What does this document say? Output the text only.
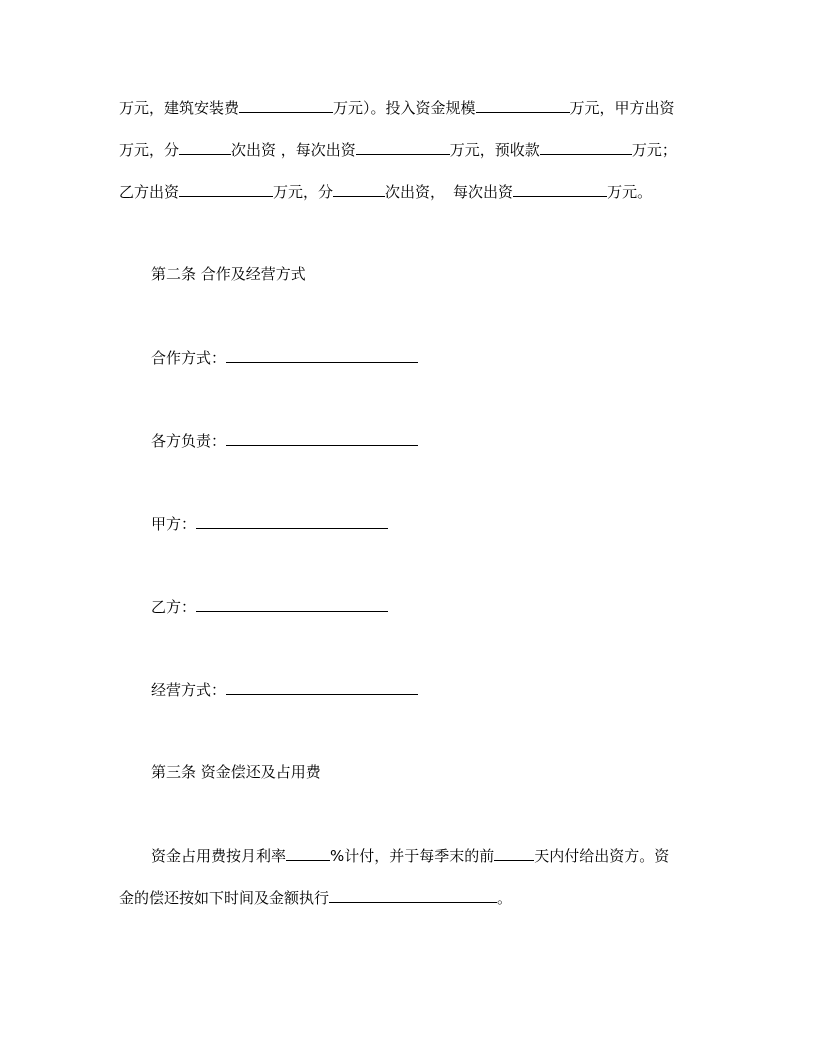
万元，建筑安装费	万元）。投入资金规模	万元，甲方出资
万元，分	次出资 ，每次出资	万元，预收款	万元；
乙方出资	万元，分	次出资， 每次出资	万元。
第二条 合作及经营方式
合作方式：
各方负责：
甲方：
乙方：
经营方式：
第三条 资金偿还及占用费
资金占用费按月利率	%计付，并于每季末的前	天内付给出资方。资
金的偿还按如下时间及金额执行	。
